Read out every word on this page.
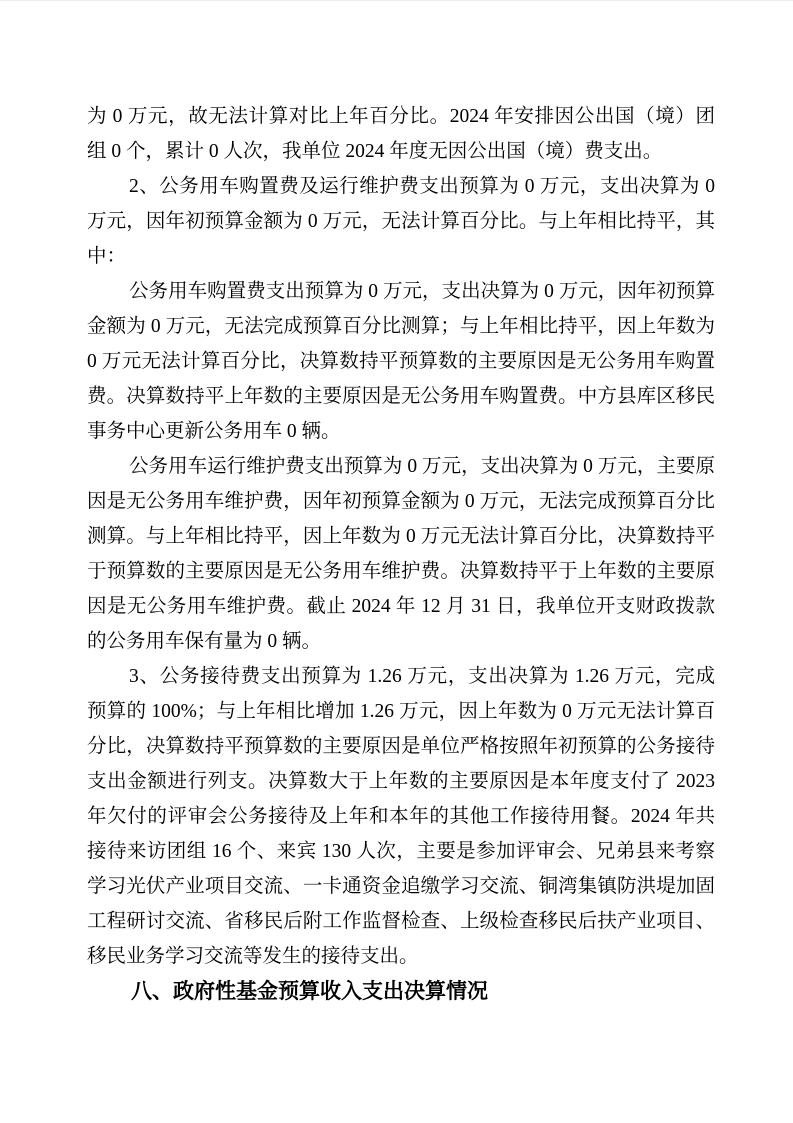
为 0 万元，故无法计算对比上年百分比。2024 年安排因公出国（境）团
组 0 个，累计 0 人次，我单位 2024 年度无因公出国（境）费支出。

2、公务用车购置费及运行维护费支出预算为 0 万元，支出决算为 0
万元，因年初预算金额为 0 万元，无法计算百分比。与上年相比持平，其
中：

公务用车购置费支出预算为 0 万元，支出决算为 0 万元，因年初预算
金额为 0 万元，无法完成预算百分比测算；与上年相比持平，因上年数为
0 万元无法计算百分比，决算数持平预算数的主要原因是无公务用车购置
费。决算数持平上年数的主要原因是无公务用车购置费。中方县库区移民
事务中心更新公务用车 0 辆。

公务用车运行维护费支出预算为 0 万元，支出决算为 0 万元，主要原
因是无公务用车维护费，因年初预算金额为 0 万元，无法完成预算百分比
测算。与上年相比持平，因上年数为 0 万元无法计算百分比，决算数持平
于预算数的主要原因是无公务用车维护费。决算数持平于上年数的主要原
因是无公务用车维护费。截止 2024 年 12 月 31 日，我单位开支财政拨款
的公务用车保有量为 0 辆。

3、公务接待费支出预算为 1.26 万元，支出决算为 1.26 万元，完成
预算的 100%；与上年相比增加 1.26 万元，因上年数为 0 万元无法计算百
分比，决算数持平预算数的主要原因是单位严格按照年初预算的公务接待
支出金额进行列支。决算数大于上年数的主要原因是本年度支付了 2023
年欠付的评审会公务接待及上年和本年的其他工作接待用餐。2024 年共
接待来访团组 16 个、来宾 130 人次，主要是参加评审会、兄弟县来考察
学习光伏产业项目交流、一卡通资金追缴学习交流、铜湾集镇防洪堤加固
工程研讨交流、省移民后附工作监督检查、上级检查移民后扶产业项目、
移民业务学习交流等发生的接待支出。

八、政府性基金预算收入支出决算情况
